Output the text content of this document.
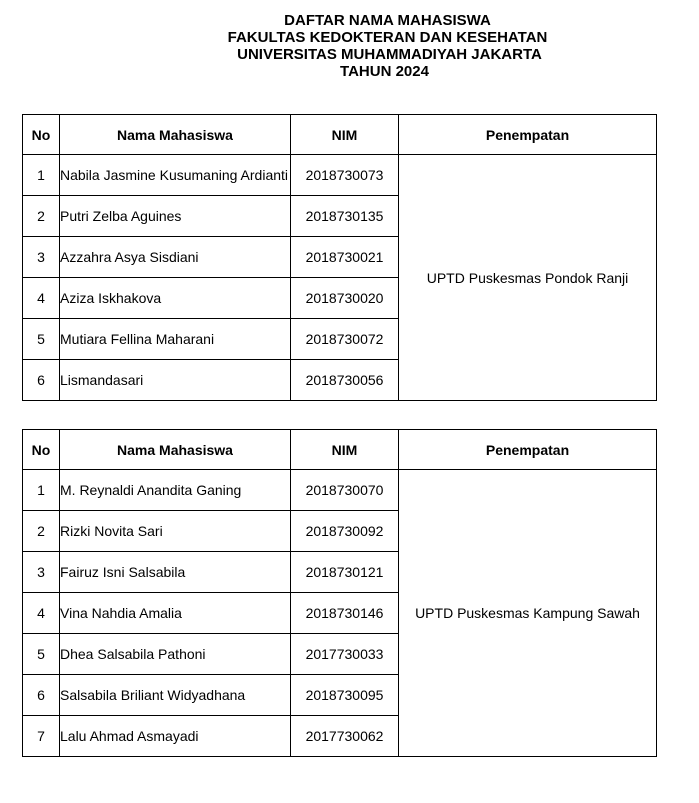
DAFTAR NAMA MAHASISWA
FAKULTAS KEDOKTERAN DAN KESEHATAN
UNIVERSITAS MUHAMMADIYAH JAKARTA
TAHUN 2024
No	Nama Mahasiswa	NIM	Penempatan
1	Nabila Jasmine Kusumaning Ardianti	2018730073	UPTD Puskesmas Pondok Ranji
2	Putri Zelba Aguines	2018730135	
3	Azzahra Asya Sisdiani	2018730021	
4	Aziza Iskhakova	2018730020	
5	Mutiara Fellina Maharani	2018730072	
6	Lismandasari	2018730056	
No	Nama Mahasiswa	NIM	Penempatan
1	M. Reynaldi Anandita Ganing	2018730070	UPTD Puskesmas Kampung Sawah
2	Rizki Novita Sari	2018730092	
3	Fairuz Isni Salsabila	2018730121	
4	Vina Nahdia Amalia	2018730146	
5	Dhea Salsabila Pathoni	2017730033	
6	Salsabila Briliant Widyadhana	2018730095	
7	Lalu Ahmad Asmayadi	2017730062	
